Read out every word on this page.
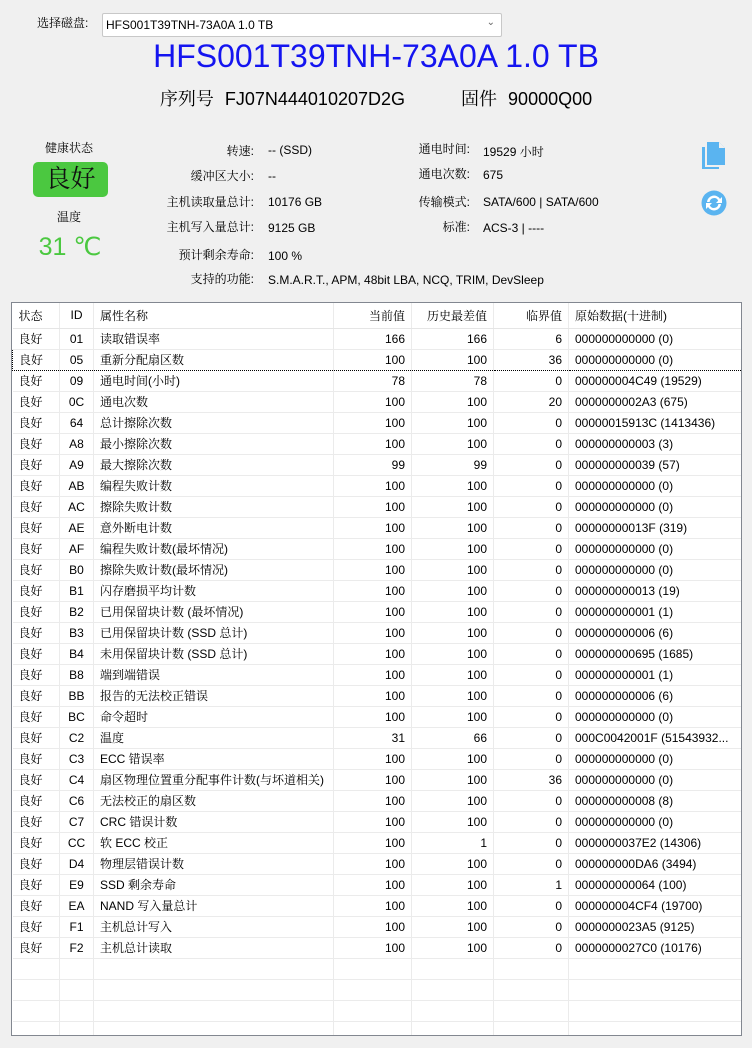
选择磁盘:	HFS001T39TNH-73A0A 1.0 TB	⌄
HFS001T39TNH-73A0A 1.0 TB
序列号 FJ07N444010207D2G	固件 90000Q00
健康状态
良好
温度
31 ℃
转速: -- (SSD)
缓冲区大小: --
主机读取量总计: 10176 GB
主机写入量总计: 9125 GB
预计剩余寿命: 100 %
支持的功能: S.M.A.R.T., APM, 48bit LBA, NCQ, TRIM, DevSleep
通电时间: 19529 小时
通电次数: 675
传输模式: SATA/600 | SATA/600
标准: ACS-3 | ----
状态	ID	属性名称	当前值	历史最差值	临界值	原始数据(十进制)
良好	01	读取错误率	166	166	6	000000000000 (0)
良好	05	重新分配扇区数	100	100	36	000000000000 (0)
良好	09	通电时间(小时)	78	78	0	000000004C49 (19529)
良好	0C	通电次数	100	100	20	0000000002A3 (675)
良好	64	总计擦除次数	100	100	0	00000015913C (1413436)
良好	A8	最小擦除次数	100	100	0	000000000003 (3)
良好	A9	最大擦除次数	99	99	0	000000000039 (57)
良好	AB	编程失败计数	100	100	0	000000000000 (0)
良好	AC	擦除失败计数	100	100	0	000000000000 (0)
良好	AE	意外断电计数	100	100	0	00000000013F (319)
良好	AF	编程失败计数(最坏情况)	100	100	0	000000000000 (0)
良好	B0	擦除失败计数(最坏情况)	100	100	0	000000000000 (0)
良好	B1	闪存磨损平均计数	100	100	0	000000000013 (19)
良好	B2	已用保留块计数 (最坏情况)	100	100	0	000000000001 (1)
良好	B3	已用保留块计数 (SSD 总计)	100	100	0	000000000006 (6)
良好	B4	未用保留块计数 (SSD 总计)	100	100	0	000000000695 (1685)
良好	B8	端到端错误	100	100	0	000000000001 (1)
良好	BB	报告的无法校正错误	100	100	0	000000000006 (6)
良好	BC	命令超时	100	100	0	000000000000 (0)
良好	C2	温度	31	66	0	000C0042001F (51543932...
良好	C3	ECC 错误率	100	100	0	000000000000 (0)
良好	C4	扇区物理位置重分配事件计数(与坏道相关)	100	100	36	000000000000 (0)
良好	C6	无法校正的扇区数	100	100	0	000000000008 (8)
良好	C7	CRC 错误计数	100	100	0	000000000000 (0)
良好	CC	软 ECC 校正	100	1	0	0000000037E2 (14306)
良好	D4	物理层错误计数	100	100	0	000000000DA6 (3494)
良好	E9	SSD 剩余寿命	100	100	1	000000000064 (100)
良好	EA	NAND 写入量总计	100	100	0	000000004CF4 (19700)
良好	F1	主机总计写入	100	100	0	0000000023A5 (9125)
良好	F2	主机总计读取	100	100	0	0000000027C0 (10176)
